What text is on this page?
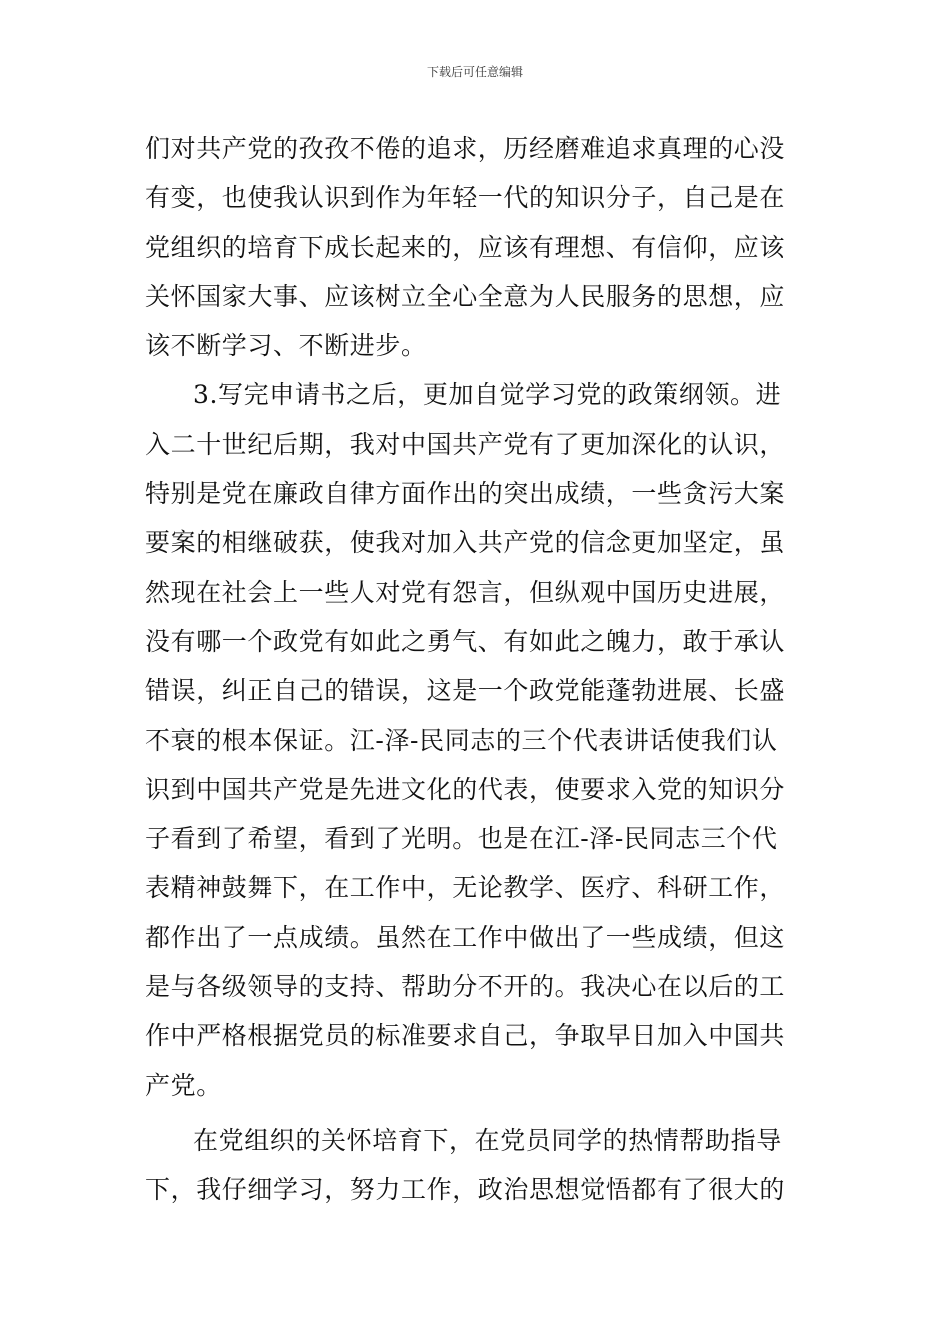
下载后可任意编辑
们对共产党的孜孜不倦的追求，历经磨难追求真理的心没
有变，也使我认识到作为年轻一代的知识分子，自己是在
党组织的培育下成长起来的，应该有理想、有信仰，应该
关怀国家大事、应该树立全心全意为人民服务的思想，应
该不断学习、不断进步。
3.写完申请书之后，更加自觉学习党的政策纲领。进
入二十世纪后期，我对中国共产党有了更加深化的认识，
特别是党在廉政自律方面作出的突出成绩，一些贪污大案
要案的相继破获，使我对加入共产党的信念更加坚定，虽
然现在社会上一些人对党有怨言，但纵观中国历史进展，
没有哪一个政党有如此之勇气、有如此之魄力，敢于承认
错误，纠正自己的错误，这是一个政党能蓬勃进展、长盛
不衰的根本保证。江-泽-民同志的三个代表讲话使我们认
识到中国共产党是先进文化的代表，使要求入党的知识分
子看到了希望，看到了光明。也是在江-泽-民同志三个代
表精神鼓舞下，在工作中，无论教学、医疗、科研工作，
都作出了一点成绩。虽然在工作中做出了一些成绩，但这
是与各级领导的支持、帮助分不开的。我决心在以后的工
作中严格根据党员的标准要求自己，争取早日加入中国共
产党。
在党组织的关怀培育下，在党员同学的热情帮助指导
下，我仔细学习，努力工作，政治思想觉悟都有了很大的
